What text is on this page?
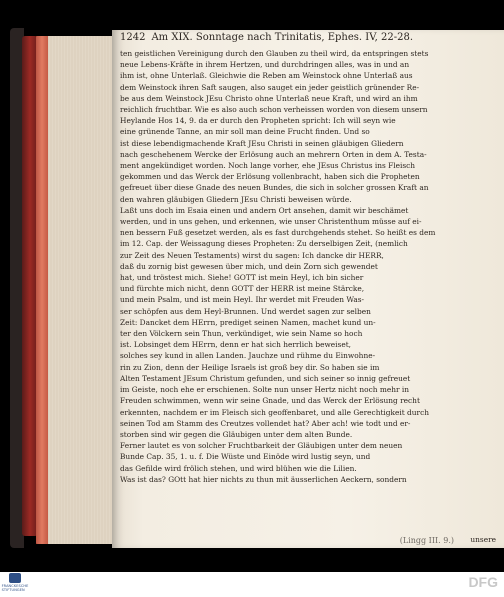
1242 Am XIX. Sonntage nach Trinitatis, Ephes. IV, 22-28.

ten geistlichen Vereinigung durch den Glauben zu theil wird, da entspringen stets

neue Lebens-Kräfte in ihrem Hertzen, und durchdringen alles, was in und an

ihm ist, ohne Unterlaß. Gleichwie die Reben am Weinstock ohne Unterlaß aus

dem Weinstock ihren Saft saugen, also sauget ein jeder geistlich grünender Re-

be aus dem Weinstock JEsu Christo ohne Unterlaß neue Kraft, und wird an ihm

reichlich fruchtbar. Wie es also auch schon verheissen worden von diesem unsern

Heylande Hos 14, 9. da er durch den Propheten spricht: Ich will seyn wie

eine grünende Tanne, an mir soll man deine Frucht finden. Und so

ist diese lebendigmachende Kraft JEsu Christi in seinen gläubigen Gliedern

nach geschehenem Wercke der Erlösung auch an mehrern Orten in dem A. Testa-

ment angekündiget worden. Noch lange vorher, ehe JEsus Christus ins Fleisch

gekommen und das Werck der Erlösung vollenbracht, haben sich die Propheten

gefreuet über diese Gnade des neuen Bundes, die sich in solcher grossen Kraft an

den wahren gläubigen Gliedern JEsu Christi beweisen würde.

Laßt uns doch im Esaia einen und andern Ort ansehen, damit wir beschämet

werden, und in uns gehen, und erkennen, wie unser Christenthum müsse auf ei-

nen bessern Fuß gesetzet werden, als es fast durchgehends stehet. So heißt es dem

im 12. Cap. der Weissagung dieses Propheten: Zu derselbigen Zeit, (nemlich

zur Zeit des Neuen Testaments) wirst du sagen: Ich dancke dir HERR,

daß du zornig bist gewesen über mich, und dein Zorn sich gewendet

hat, und tröstest mich. Siehe! GOTT ist mein Heyl, ich bin sicher

und fürchte mich nicht, denn GOTT der HERR ist meine Stärcke,

und mein Psalm, und ist mein Heyl. Ihr werdet mit Freuden Was-

ser schöpfen aus dem Heyl-Brunnen. Und werdet sagen zur selben

Zeit: Dancket dem HErrn, prediget seinen Namen, machet kund un-

ter den Völckern sein Thun, verkündiget, wie sein Name so hoch

ist. Lobsinget dem HErrn, denn er hat sich herrlich beweiset,

solches sey kund in allen Landen. Jauchze und rühme du Einwohne-

rin zu Zion, denn der Heilige Israels ist groß bey dir. So haben sie im

Alten Testament JEsum Christum gefunden, und sich seiner so innig gefreuet

im Geiste, noch ehe er erschienen. Solte nun unser Hertz nicht noch mehr in

Freuden schwimmen, wenn wir seine Gnade, und das Werck der Erlösung recht

erkennten, nachdem er im Fleisch sich geoffenbaret, und alle Gerechtigkeit durch

seinen Tod am Stamm des Creutzes vollendet hat? Aber ach! wie todt und er-

storben sind wir gegen die Gläubigen unter dem alten Bunde.

Ferner lautet es von solcher Fruchtbarkeit der Gläubigen unter dem neuen

Bunde Cap. 35, 1. u. f. Die Wüste und Einöde wird lustig seyn, und

das Gefilde wird frölich stehen, und wird blühen wie die Lilien.

Was ist das? GOtt hat hier nichts zu thun mit äusserlichen Aeckern, sondern

(Lingg III. 9.) unsere
FRANCKESCHE STIFTUNGEN	DFG
